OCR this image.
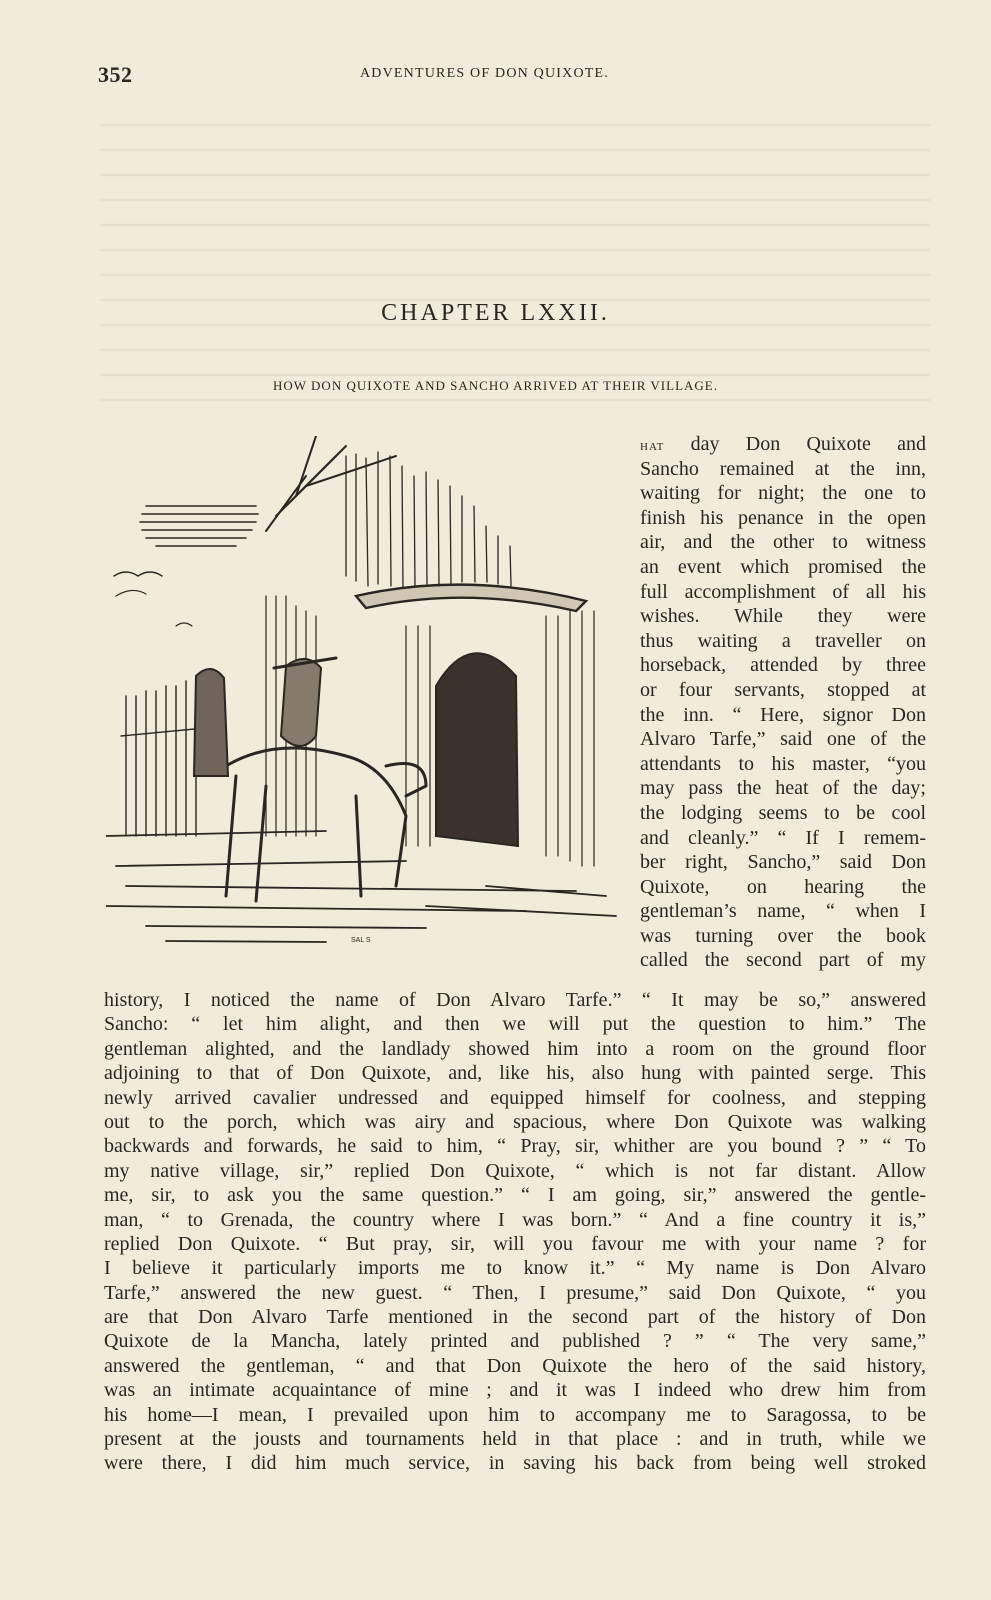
352	ADVENTURES OF DON QUIXOTE.
CHAPTER LXXII.
HOW DON QUIXOTE AND SANCHO ARRIVED AT THEIR VILLAGE.
SAL S
hat day Don Quixote and
Sancho remained at the inn,
waiting for night; the one to
finish his penance in the open
air, and the other to witness
an event which promised the
full accomplishment of all his
wishes. While they were
thus waiting a traveller on
horseback, attended by three
or four servants, stopped at
the inn. “ Here, signor Don
Alvaro Tarfe,” said one of the
attendants to his master, “you
may pass the heat of the day;
the lodging seems to be cool
and cleanly.” “ If I remem-
ber right, Sancho,” said Don
Quixote, on hearing the
gentleman’s name, “ when I
was turning over the book
called the second part of my
history, I noticed the name of Don Alvaro Tarfe.” “ It may be so,” answered
Sancho: “ let him alight, and then we will put the question to him.” The
gentleman alighted, and the landlady showed him into a room on the ground floor
adjoining to that of Don Quixote, and, like his, also hung with painted serge. This
newly arrived cavalier undressed and equipped himself for coolness, and stepping
out to the porch, which was airy and spacious, where Don Quixote was walking
backwards and forwards, he said to him, “ Pray, sir, whither are you bound ? ” “ To
my native village, sir,” replied Don Quixote, “ which is not far distant. Allow
me, sir, to ask you the same question.” “ I am going, sir,” answered the gentle-
man, “ to Grenada, the country where I was born.” “ And a fine country it is,”
replied Don Quixote. “ But pray, sir, will you favour me with your name ? for
I believe it particularly imports me to know it.” “ My name is Don Alvaro
Tarfe,” answered the new guest. “ Then, I presume,” said Don Quixote, “ you
are that Don Alvaro Tarfe mentioned in the second part of the history of Don
Quixote de la Mancha, lately printed and published ? ” “ The very same,”
answered the gentleman, “ and that Don Quixote the hero of the said history,
was an intimate acquaintance of mine ; and it was I indeed who drew him from
his home—I mean, I prevailed upon him to accompany me to Saragossa, to be
present at the jousts and tournaments held in that place : and in truth, while we
were there, I did him much service, in saving his back from being well stroked
